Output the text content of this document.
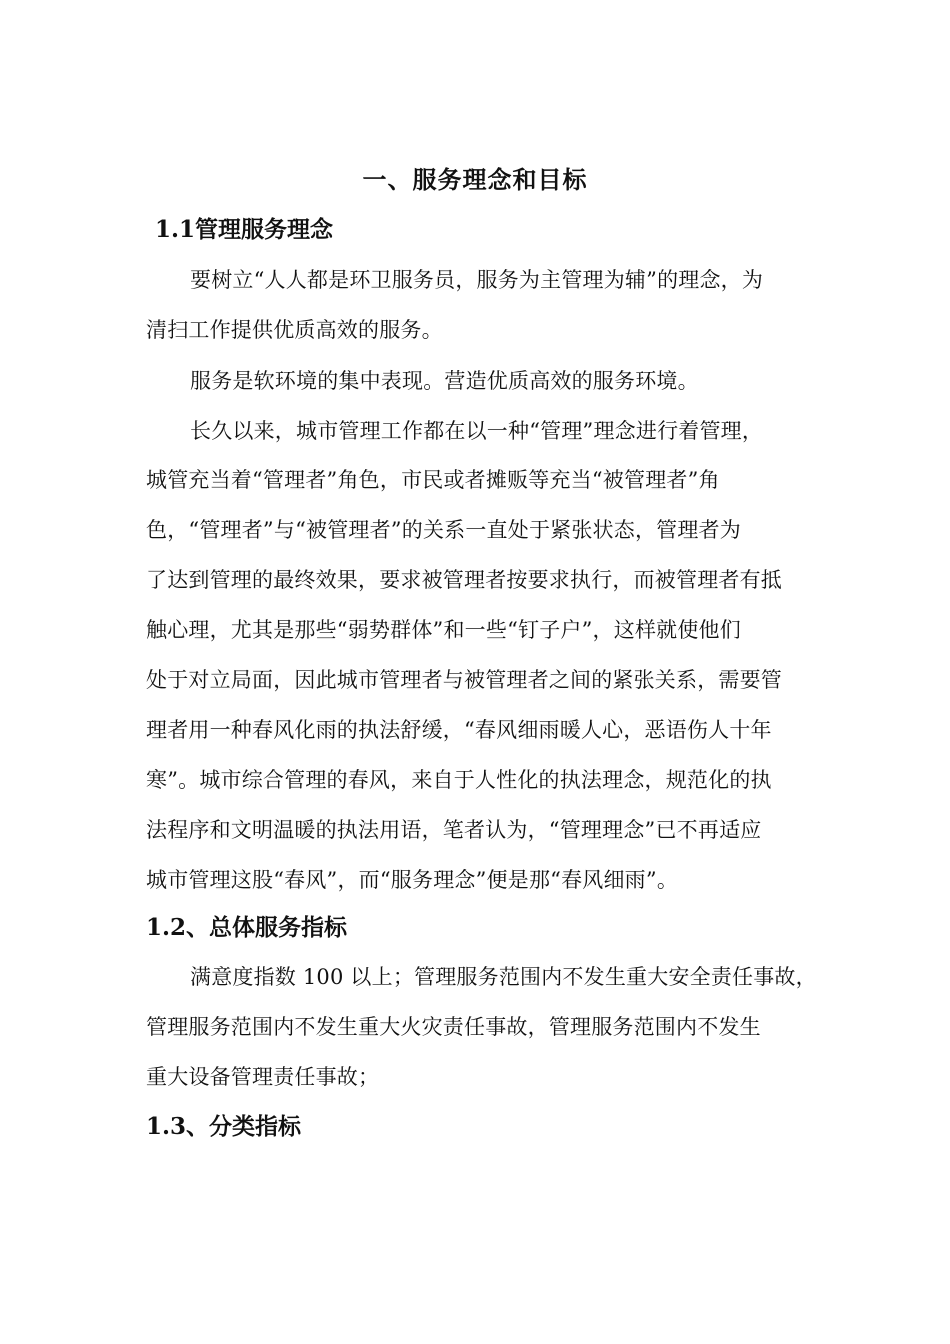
一、服务理念和目标
1.1管理服务理念
要树立“人人都是环卫服务员，服务为主管理为辅”的理念，为
清扫工作提供优质高效的服务。
服务是软环境的集中表现。营造优质高效的服务环境。
长久以来，城市管理工作都在以一种“管理”理念进行着管理，
城管充当着“管理者”角色，市民或者摊贩等充当“被管理者”角
色，“管理者”与“被管理者”的关系一直处于紧张状态，管理者为
了达到管理的最终效果，要求被管理者按要求执行，而被管理者有抵
触心理，尤其是那些“弱势群体”和一些“钉子户”，这样就使他们
处于对立局面，因此城市管理者与被管理者之间的紧张关系，需要管
理者用一种春风化雨的执法舒缓，“春风细雨暖人心，恶语伤人十年
寒”。城市综合管理的春风，来自于人性化的执法理念，规范化的执
法程序和文明温暖的执法用语，笔者认为，“管理理念”已不再适应
城市管理这股“春风”，而“服务理念”便是那“春风细雨”。
1.2、总体服务指标
满意度指数 100 以上；管理服务范围内不发生重大安全责任事故，
管理服务范围内不发生重大火灾责任事故，管理服务范围内不发生
重大设备管理责任事故；
1.3、分类指标
